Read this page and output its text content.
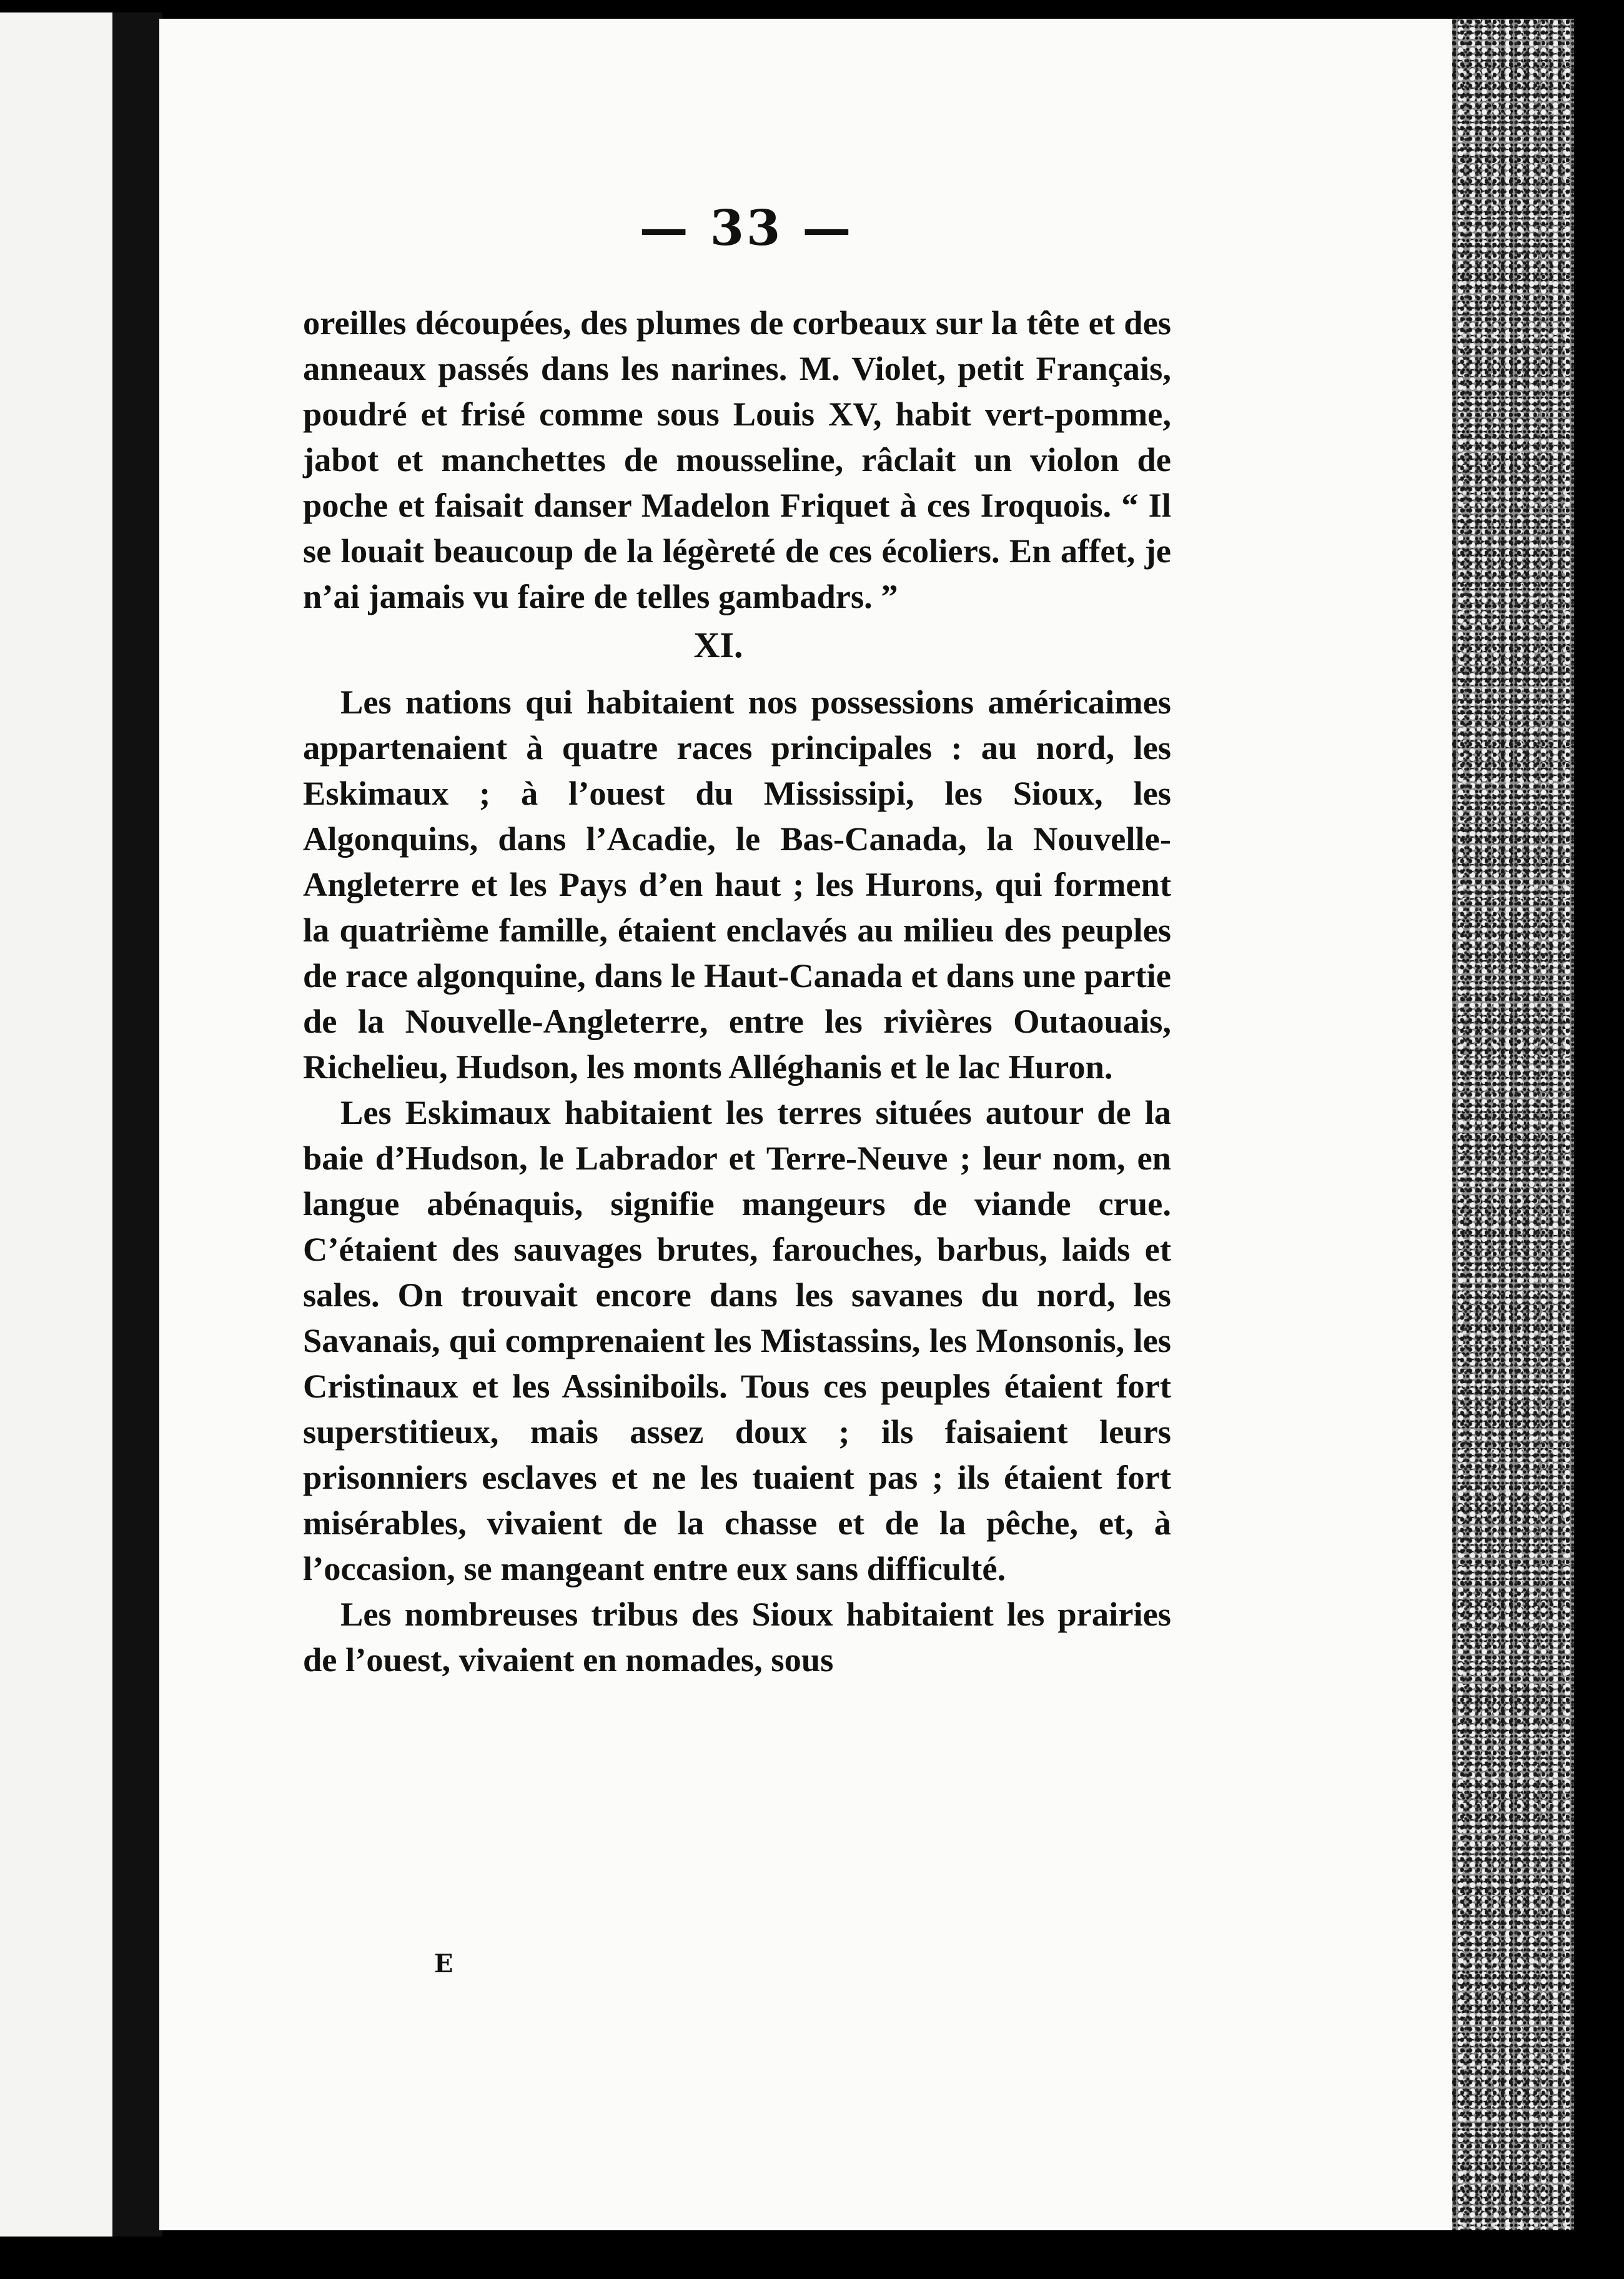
— 33 —

oreilles découpées, des plumes de corbeaux sur la tête et des anneaux passés dans les narines. M. Violet, petit Français, poudré et frisé comme sous Louis XV, habit vert-pomme, jabot et manchettes de mousseline, râclait un violon de poche et faisait danser Madelon Friquet à ces Iroquois. “ Il se louait beaucoup de la légèreté de ces écoliers. En affet, je n’ai jamais vu faire de telles gambadrs. ”

XI.

Les nations qui habitaient nos possessions américaimes appartenaient à quatre races principales : au nord, les Eskimaux ; à l’ouest du Mississipi, les Sioux, les Algonquins, dans l’Acadie, le Bas-Canada, la Nouvelle-Angleterre et les Pays d’en haut ; les Hurons, qui forment la quatrième famille, étaient enclavés au milieu des peuples de race algonquine, dans le Haut-Canada et dans une partie de la Nouvelle-Angleterre, entre les rivières Outaouais, Richelieu, Hudson, les monts Alléghanis et le lac Huron.

Les Eskimaux habitaient les terres situées autour de la baie d’Hudson, le Labrador et Terre-Neuve ; leur nom, en langue abénaquis, signifie mangeurs de viande crue. C’étaient des sauvages brutes, farouches, barbus, laids et sales. On trouvait encore dans les savanes du nord, les Savanais, qui comprenaient les Mistassins, les Monsonis, les Cristinaux et les Assiniboils. Tous ces peuples étaient fort superstitieux, mais assez doux ; ils faisaient leurs prisonniers esclaves et ne les tuaient pas ; ils étaient fort misérables, vivaient de la chasse et de la pêche, et, à l’occasion, se mangeant entre eux sans difficulté.

Les nombreuses tribus des Sioux habitaient les prairies de l’ouest, vivaient en nomades, sous

E
